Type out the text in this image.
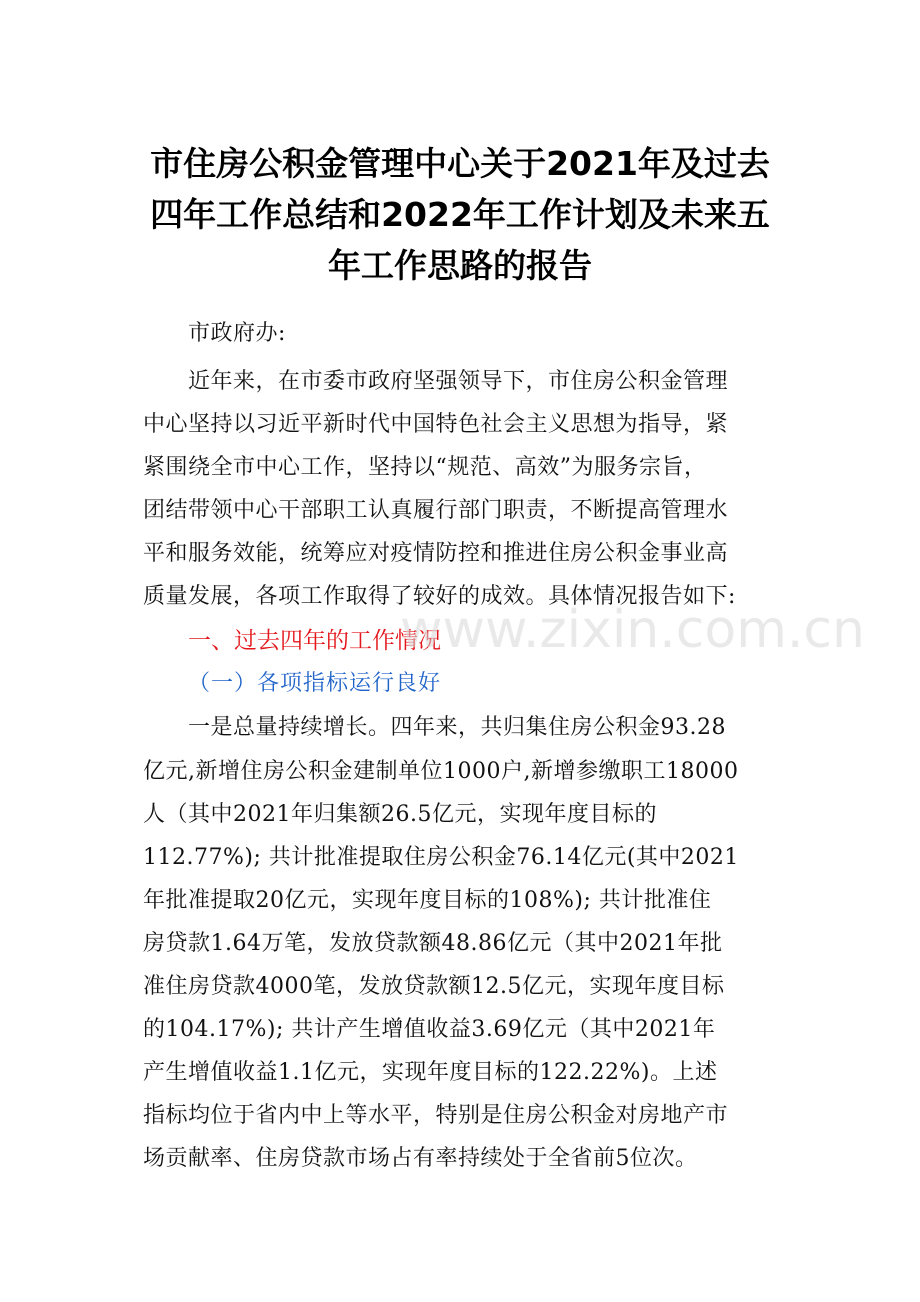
市住房公积金管理中心关于2021年及过去
四年工作总结和2022年工作计划及未来五
年工作思路的报告
市政府办:
近年来，在市委市政府坚强领导下，市住房公积金管理
中心坚持以习近平新时代中国特色社会主义思想为指导，紧
紧围绕全市中心工作，坚持以“规范、高效”为服务宗旨，
团结带领中心干部职工认真履行部门职责，不断提高管理水
平和服务效能，统筹应对疫情防控和推进住房公积金事业高
质量发展，各项工作取得了较好的成效。具体情况报告如下:
一、过去四年的工作情况
（一）各项指标运行良好
一是总量持续增长。四年来，共归集住房公积金93.28
亿元,新增住房公积金建制单位1000户,新增参缴职工18000
人（其中2021年归集额26.5亿元，实现年度目标的
112.77%); 共计批准提取住房公积金76.14亿元(其中2021
年批准提取20亿元，实现年度目标的108%); 共计批准住
房贷款1.64万笔，发放贷款额48.86亿元（其中2021年批
准住房贷款4000笔，发放贷款额12.5亿元，实现年度目标
的104.17%); 共计产生增值收益3.69亿元（其中2021年
产生增值收益1.1亿元，实现年度目标的122.22%)。上述
指标均位于省内中上等水平，特别是住房公积金对房地产市
场贡献率、住房贷款市场占有率持续处于全省前5位次。
www.zixin.com.cn
